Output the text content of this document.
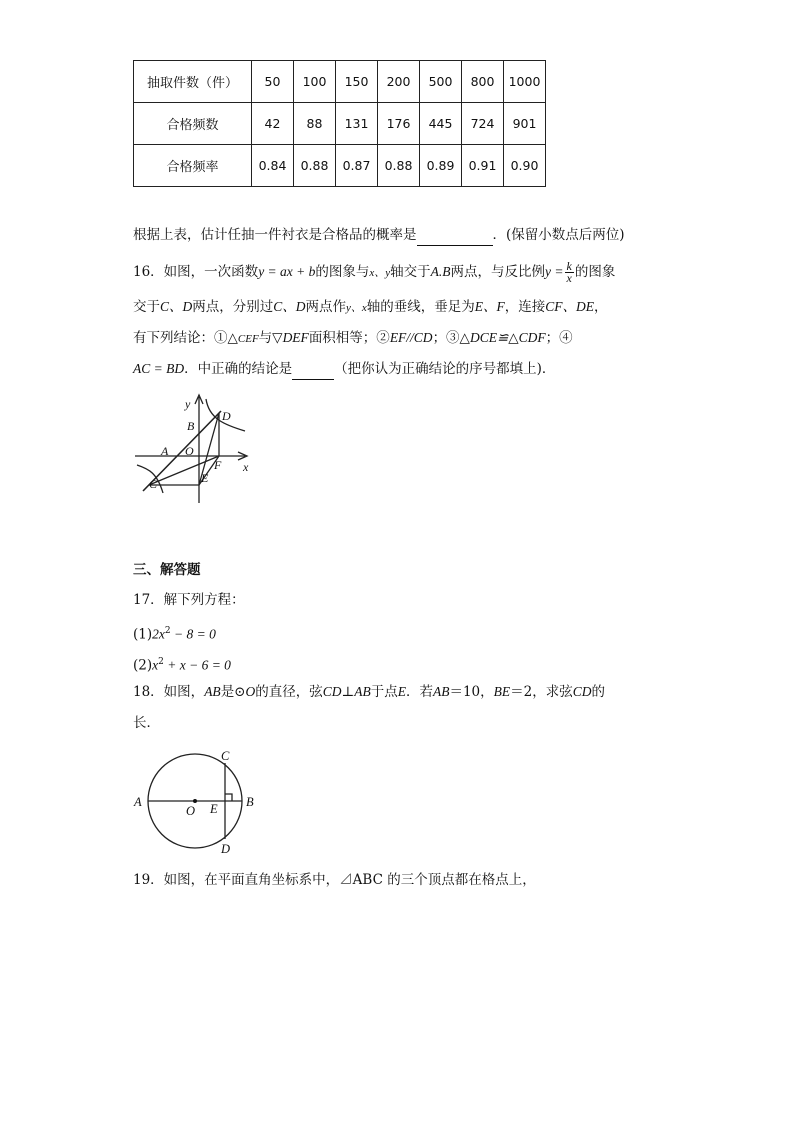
抽取件数（件）	50	100	150	200	500	800	1000
合格频数	42	88	131	176	445	724	901
合格频率	0.84	0.88	0.87	0.88	0.89	0.91	0.90
根据上表，估计任抽一件衬衣是合格品的概率是	．(保留小数点后两位)
16．如图，一次函数y = ax + b的图象与x、y轴交于A.B两点，与反比例$y = \frac{k}{x}$ 的图象
交于C、D两点，分别过C、D两点作y、x轴的垂线，垂足为E、F，连接CF、DE，
有下列结论：①△CEF与▽DEF面积相等；②EF//CD；③△DCE≌△CDF；④
AC = BD．中正确的结论是	（把你认为正确结论的序号都填上)．
y
x
D
B
A O
F
C	E
三、解答题
17．解下列方程：
$(1)2x^2 - 8 = 0$
$(2)x^2 + x - 6 = 0$
18．如图，AB是⊙O的直径，弦CD⊥AB于点E．若AB＝10，BE＝2，求弦CD的
长．
A	B
C
D
O E
19．如图，在平面直角坐标系中，⊿ABC 的三个顶点都在格点上，
